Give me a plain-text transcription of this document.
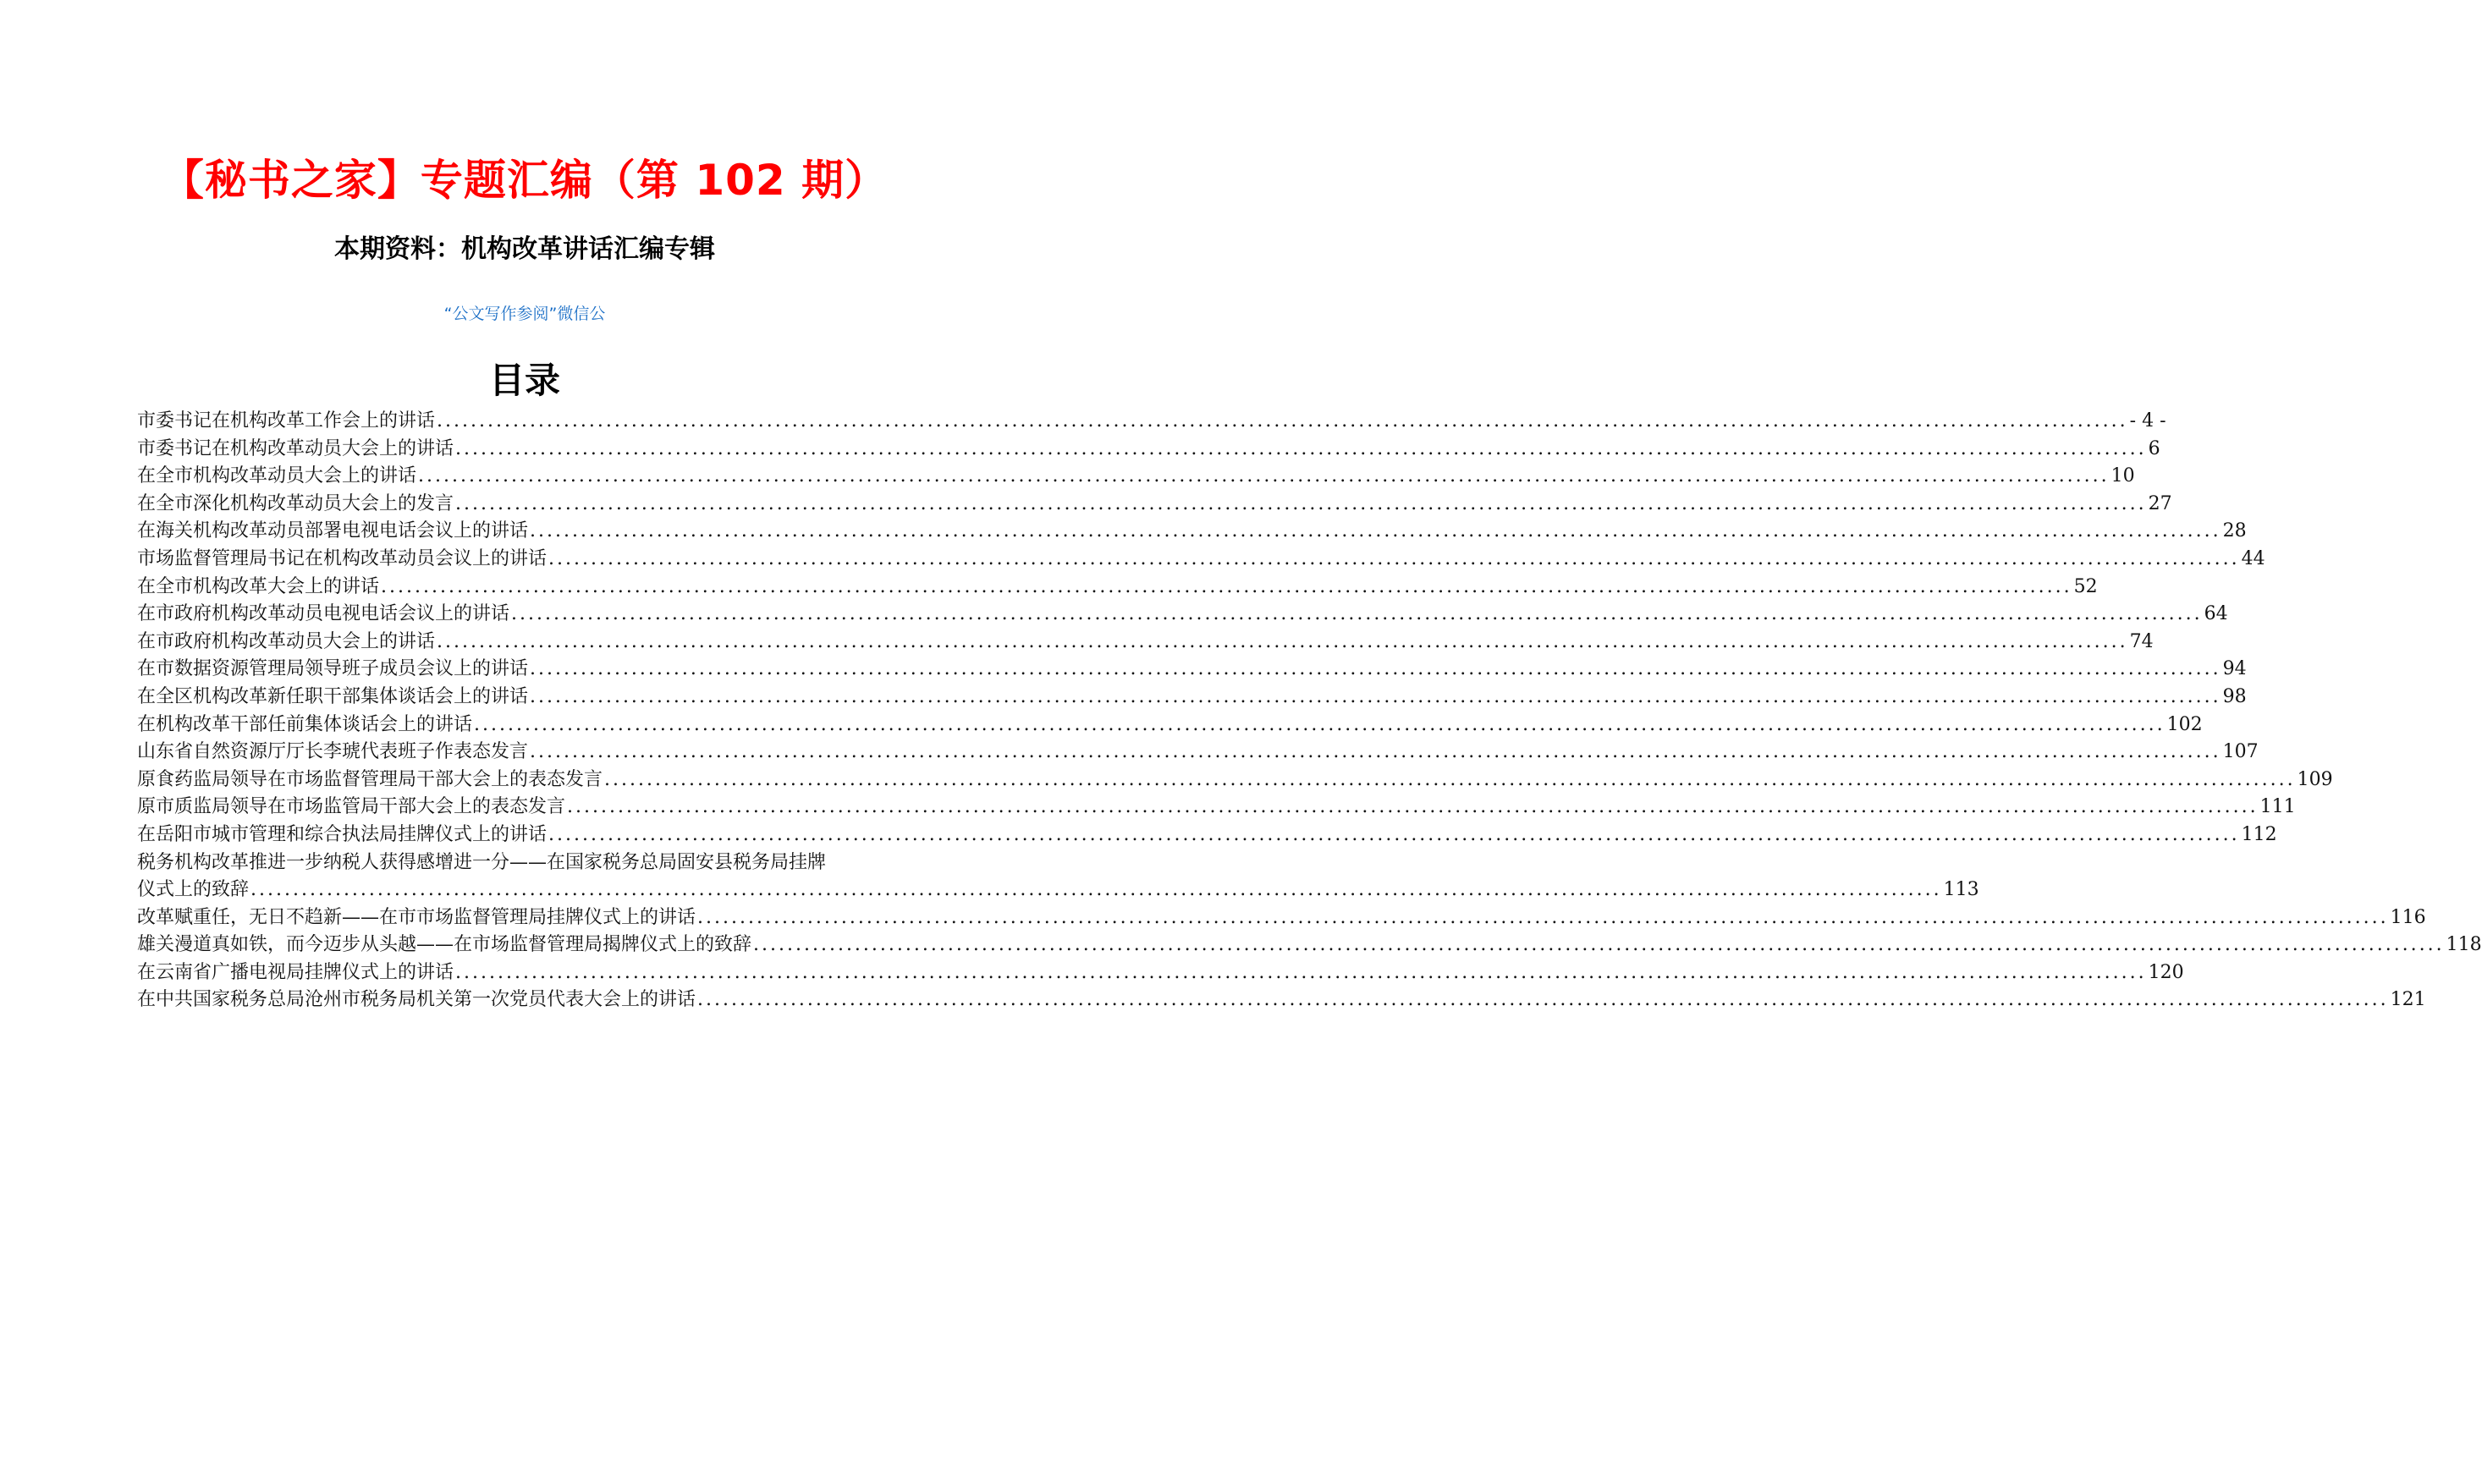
【秘书之家】专题汇编（第 102 期）
本期资料：机构改革讲话汇编专辑
“公文写作参阅”微信公
目录
市委书记在机构改革工作会上的讲话 ........................................................................................................................................................................................................ - 4 -
市委书记在机构改革动员大会上的讲话 ........................................................................................................................................................................................................ 6
在全市机构改革动员大会上的讲话 ........................................................................................................................................................................................................ 10
在全市深化机构改革动员大会上的发言 ........................................................................................................................................................................................................ 27
在海关机构改革动员部署电视电话会议上的讲话 ........................................................................................................................................................................................................ 28
市场监督管理局书记在机构改革动员会议上的讲话 ........................................................................................................................................................................................................ 44
在全市机构改革大会上的讲话 ........................................................................................................................................................................................................ 52
在市政府机构改革动员电视电话会议上的讲话 ........................................................................................................................................................................................................ 64
在市政府机构改革动员大会上的讲话 ........................................................................................................................................................................................................ 74
在市数据资源管理局领导班子成员会议上的讲话 ........................................................................................................................................................................................................ 94
在全区机构改革新任职干部集体谈话会上的讲话 ........................................................................................................................................................................................................ 98
在机构改革干部任前集体谈话会上的讲话 ........................................................................................................................................................................................................ 102
山东省自然资源厅厅长李琥代表班子作表态发言 ........................................................................................................................................................................................................ 107
原食药监局领导在市场监督管理局干部大会上的表态发言 ........................................................................................................................................................................................................ 109
原市质监局领导在市场监管局干部大会上的表态发言 ........................................................................................................................................................................................................ 111
在岳阳市城市管理和综合执法局挂牌仪式上的讲话 ........................................................................................................................................................................................................ 112
税务机构改革推进一步纳税人获得感增进一分——在国家税务总局固安县税务局挂牌
仪式上的致辞 ........................................................................................................................................................................................................ 113
改革赋重任，无日不趋新——在市市场监督管理局挂牌仪式上的讲话 ........................................................................................................................................................................................................ 116
雄关漫道真如铁，而今迈步从头越——在市场监督管理局揭牌仪式上的致辞 ........................................................................................................................................................................................................ 118
在云南省广播电视局挂牌仪式上的讲话 ........................................................................................................................................................................................................ 120
在中共国家税务总局沧州市税务局机关第一次党员代表大会上的讲话 ........................................................................................................................................................................................................ 121
